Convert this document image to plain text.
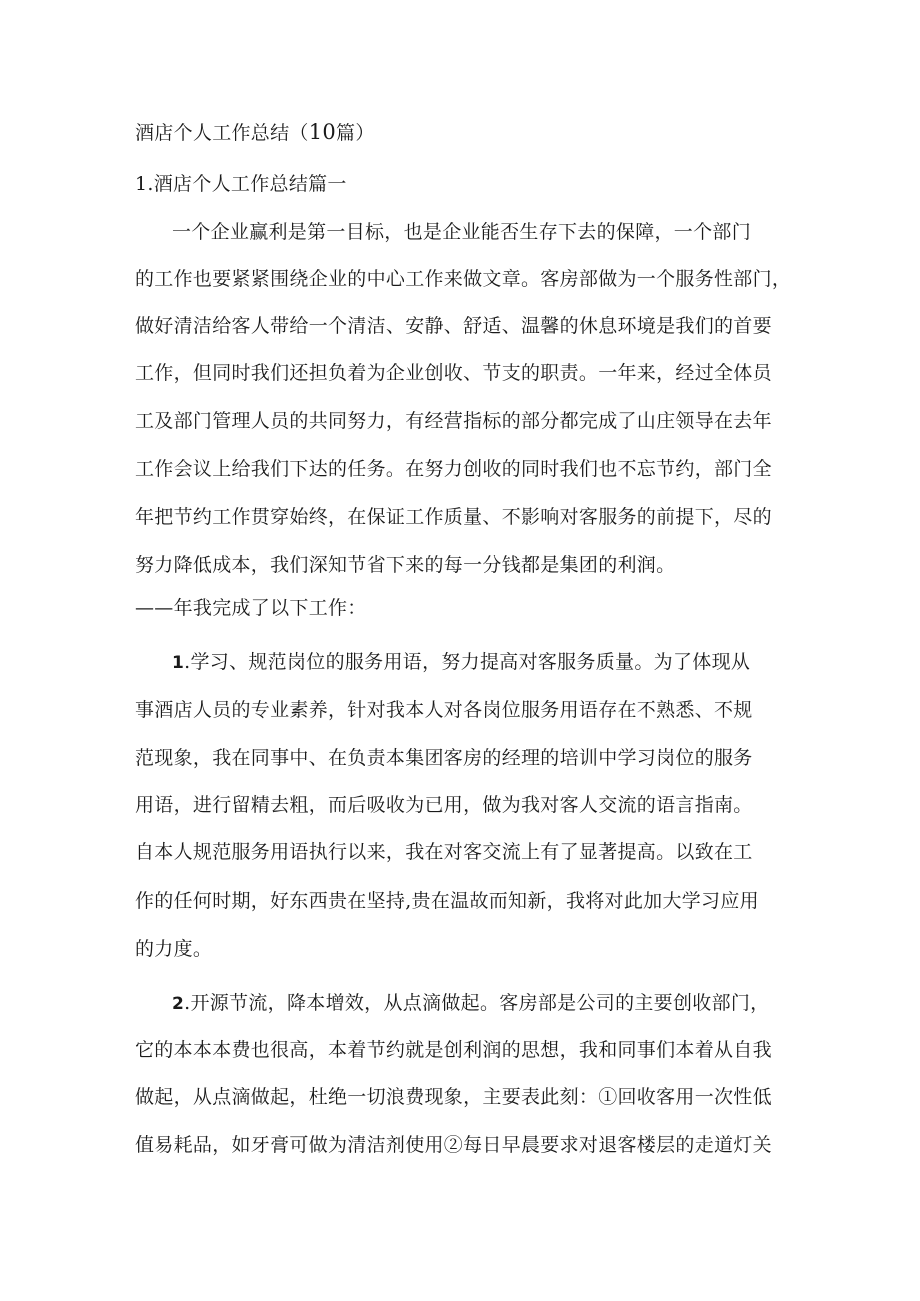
酒店个人工作总结（10篇）
1.酒店个人工作总结篇一
一个企业赢利是第一目标，也是企业能否生存下去的保障，一个部门
的工作也要紧紧围绕企业的中心工作来做文章。客房部做为一个服务性部门，
做好清洁给客人带给一个清洁、安静、舒适、温馨的休息环境是我们的首要
工作，但同时我们还担负着为企业创收、节支的职责。一年来，经过全体员
工及部门管理人员的共同努力，有经营指标的部分都完成了山庄领导在去年
工作会议上给我们下达的任务。在努力创收的同时我们也不忘节约，部门全
年把节约工作贯穿始终，在保证工作质量、不影响对客服务的前提下，尽的
努力降低成本，我们深知节省下来的每一分钱都是集团的利润。
——年我完成了以下工作：
1.学习、规范岗位的服务用语，努力提高对客服务质量。为了体现从
事酒店人员的专业素养，针对我本人对各岗位服务用语存在不熟悉、不规
范现象，我在同事中、在负责本集团客房的经理的培训中学习岗位的服务
用语，进行留精去粗，而后吸收为已用，做为我对客人交流的语言指南。
自本人规范服务用语执行以来，我在对客交流上有了显著提高。以致在工
作的任何时期，好东西贵在坚持,贵在温故而知新，我将对此加大学习应用
的力度。
2.开源节流，降本增效，从点滴做起。客房部是公司的主要创收部门，
它的本本本费也很高，本着节约就是创利润的思想，我和同事们本着从自我
做起，从点滴做起，杜绝一切浪费现象，主要表此刻：①回收客用一次性低
值易耗品，如牙膏可做为清洁剂使用②每日早晨要求对退客楼层的走道灯关
